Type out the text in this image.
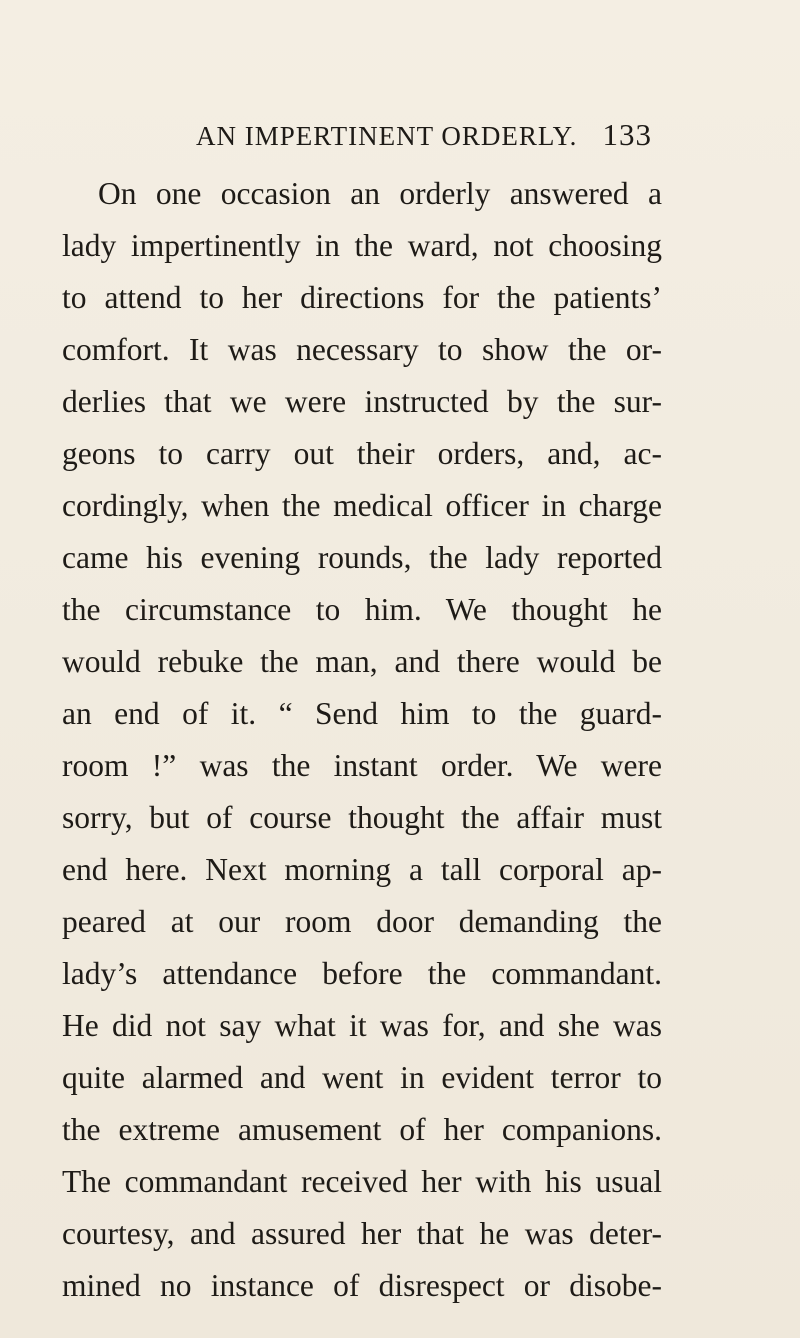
AN IMPERTINENT ORDERLY. 133
On one occasion an orderly answered a
lady impertinently in the ward, not choosing
to attend to her directions for the patients’
comfort. It was necessary to show the or-
derlies that we were instructed by the sur-
geons to carry out their orders, and, ac-
cordingly, when the medical officer in charge
came his evening rounds, the lady reported
the circumstance to him. We thought he
would rebuke the man, and there would be
an end of it. “ Send him to the guard-
room !” was the instant order. We were
sorry, but of course thought the affair must
end here. Next morning a tall corporal ap-
peared at our room door demanding the
lady’s attendance before the commandant.
He did not say what it was for, and she was
quite alarmed and went in evident terror to
the extreme amusement of her companions.
The commandant received her with his usual
courtesy, and assured her that he was deter-
mined no instance of disrespect or disobe-
